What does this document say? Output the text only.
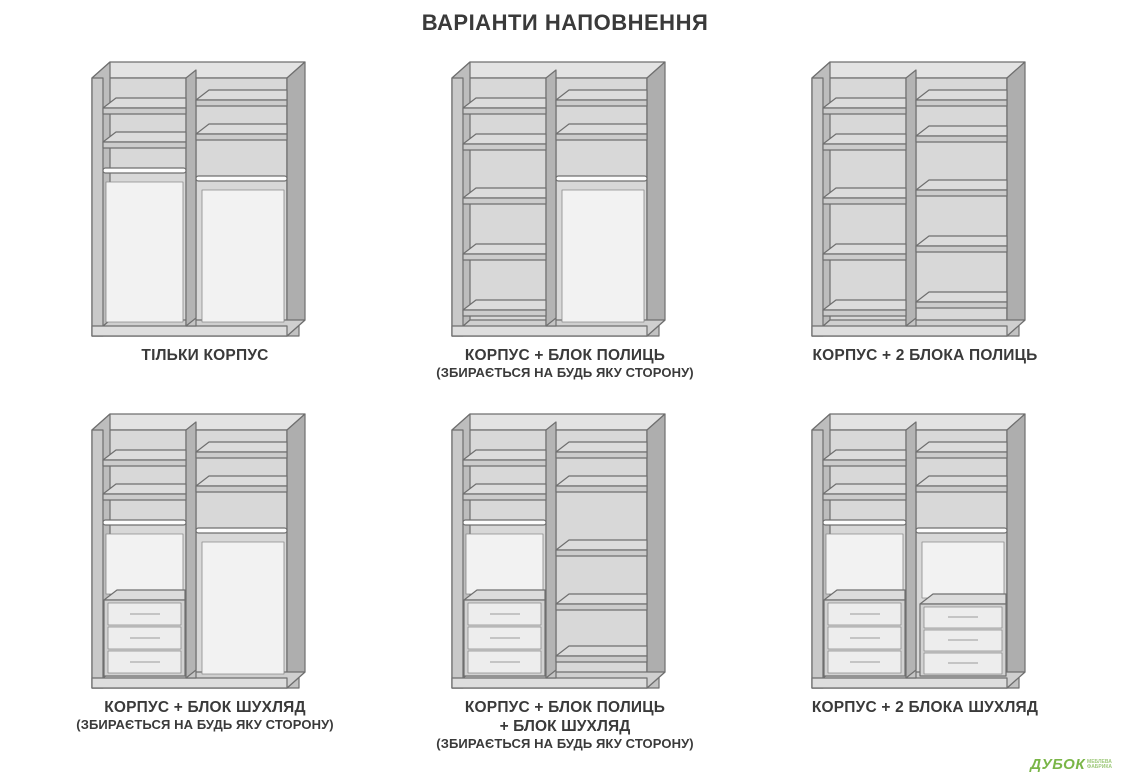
ВАРІАНТИ НАПОВНЕННЯ
ТІЛЬКИ КОРПУС	КОРПУС + БЛОК ПОЛИЦЬ
(ЗБИРАЄТЬСЯ НА БУДЬ ЯКУ СТОРОНУ)
КОРПУС + 2 БЛОКА ПОЛИЦЬ
КОРПУС + БЛОК ШУХЛЯД
(ЗБИРАЄТЬСЯ НА БУДЬ ЯКУ СТОРОНУ)
КОРПУС + БЛОК ПОЛИЦЬ
+ БЛОК ШУХЛЯД
(ЗБИРАЄТЬСЯ НА БУДЬ ЯКУ СТОРОНУ)
КОРПУС + 2 БЛОКА ШУХЛЯД
ДУБОК МЕБЛЕВА
ФАБРИКА
